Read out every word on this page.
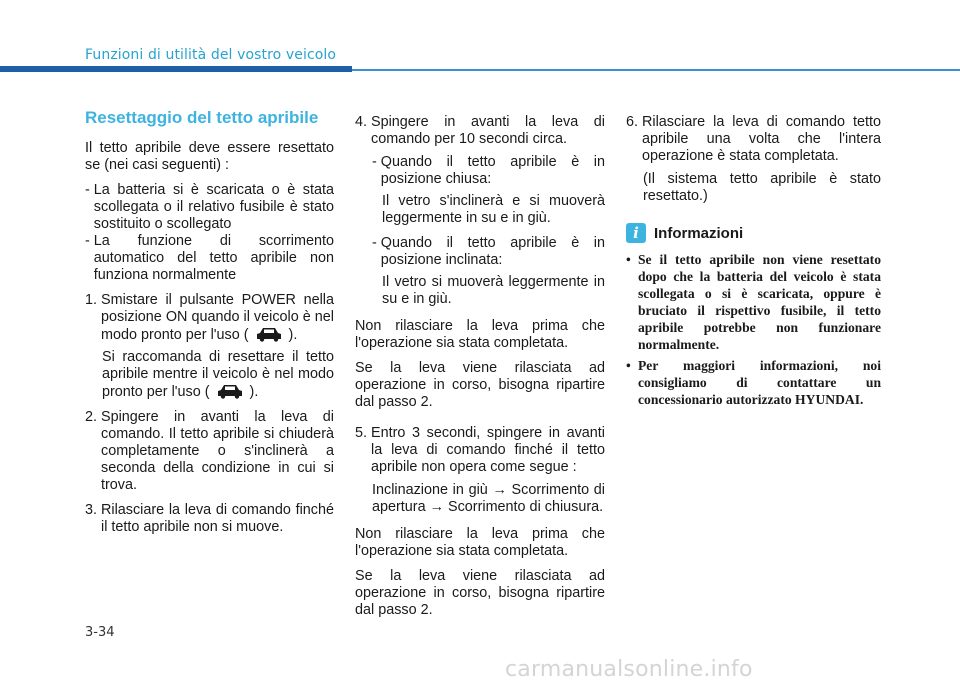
Funzioni di utilità del vostro veicolo
Resettaggio del tetto apribile

Il tetto apribile deve essere resettato se (nei casi seguenti) :

- La batteria si è scaricata o è stata scollegata o il relativo fusibile è stato sostituito o scollegato
- La funzione di scorrimento automatico del tetto apribile non funziona normalmente
1. Smistare il pulsante POWER nella posizione ON quando il veicolo è nel modo pronto per l'uso (	).
Si raccomanda di resettare il tetto apribile mentre il veicolo è nel modo pronto per l'uso (	).
2. Spingere in avanti la leva di comando. Il tetto apribile si chiuderà completamente o s'inclinerà a seconda della condizione in cui si trova.
3. Rilasciare la leva di comando finché il tetto apribile non si muove.
4. Spingere in avanti la leva di comando per 10 secondi circa.
- Quando il tetto apribile è in posizione chiusa:
Il vetro s'inclinerà e si muoverà leggermente in su e in giù.
- Quando il tetto apribile è in posizione inclinata:
Il vetro si muoverà leggermente in su e in giù.

Non rilasciare la leva prima che l'operazione sia stata completata.

Se la leva viene rilasciata ad operazione in corso, bisogna ripartire dal passo 2.

5. Entro 3 secondi, spingere in avanti la leva di comando finché il tetto apribile non opera come segue :
Inclinazione in giù → Scorrimento di apertura → Scorrimento di chiusura.

Non rilasciare la leva prima che l'operazione sia stata completata.

Se la leva viene rilasciata ad operazione in corso, bisogna ripartire dal passo 2.

6. Rilasciare la leva di comando tetto apribile una volta che l'intera operazione è stata completata.
(Il sistema tetto apribile è stato resettato.)
i	Informazioni
• Se il tetto apribile non viene resettato dopo che la batteria del veicolo è stata scollegata o si è scaricata, oppure è bruciato il rispettivo fusibile, il tetto apribile potrebbe non funzionare normalmente.
• Per maggiori informazioni, noi consigliamo di contattare un concessionario autorizzato HYUNDAI.
3-34
carmanualsonline.info
